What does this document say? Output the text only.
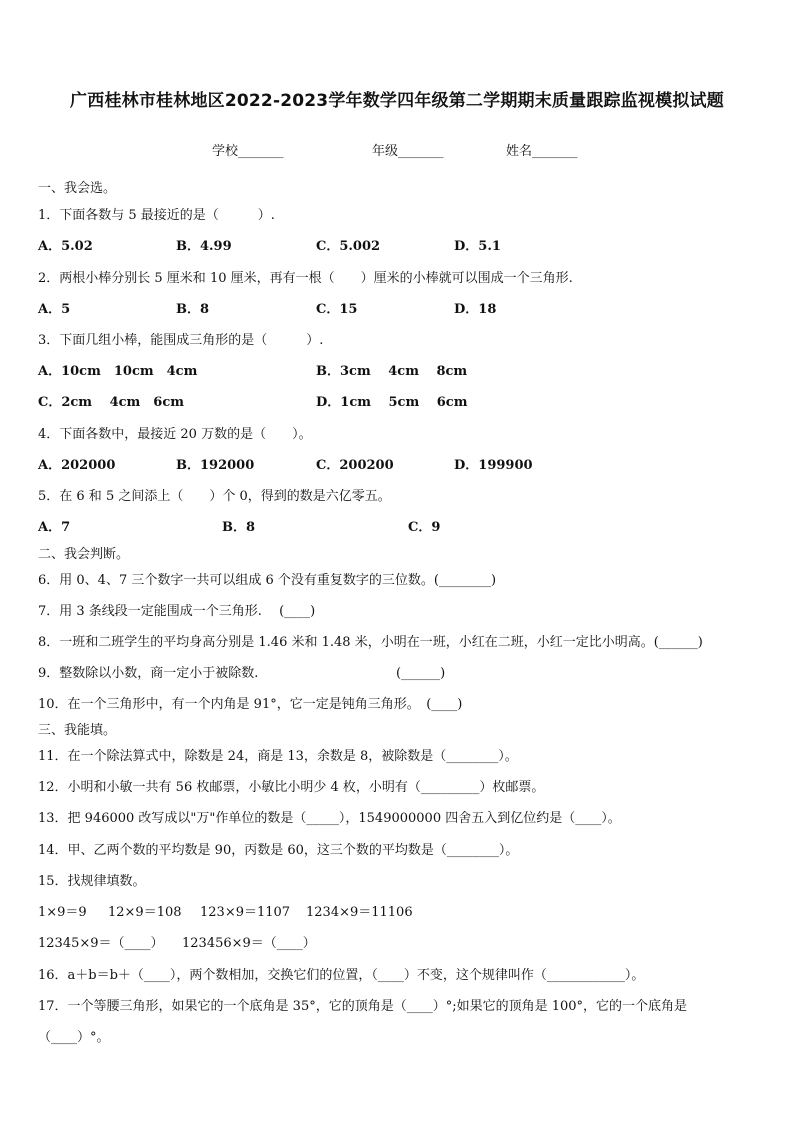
广西桂林市桂林地区2022-2023学年数学四年级第二学期期末质量跟踪监视模拟试题
学校_______	年级_______	姓名_______
一、我会选。
1．下面各数与 5 最接近的是（　　　）.
A．5.02	B．4.99	C．5.002	D．5.1
2．两根小棒分别长 5 厘米和 10 厘米，再有一根（　　）厘米的小棒就可以围成一个三角形.
A．5	B．8	C．15	D．18
3．下面几组小棒，能围成三角形的是（　　　）.
A．10cm　10cm　4cm	B．3cm　 4cm　 8cm
C．2cm　 4cm　6cm	D．1cm　 5cm　 6cm
4．下面各数中，最接近 20 万数的是（　　）。
A．202000	B．192000	C．200200	D．199900
5．在 6 和 5 之间添上（　　）个 0，得到的数是六亿零五。
A．7	B．8	C．9
二、我会判断。
6．用 0、4、7 三个数字一共可以组成 6 个没有重复数字的三位数。(________)
7．用 3 条线段一定能围成一个三角形.　 (____)
8．一班和二班学生的平均身高分别是 1.46 米和 1.48 米，小明在一班，小红在二班，小红一定比小明高。(______)
9．整数除以小数，商一定小于被除数.	(______)
10．在一个三角形中，有一个内角是 91°，它一定是钝角三角形。　(____)
三、我能填。
11．在一个除法算式中，除数是 24，商是 13，余数是 8，被除数是（________）。
12．小明和小敏一共有 56 枚邮票，小敏比小明少 4 枚，小明有（_________）枚邮票。
13．把 946000 改写成以"万"作单位的数是（_____），1549000000 四舍五入到亿位约是（____）。
14．甲、乙两个数的平均数是 90，丙数是 60，这三个数的平均数是（________）。
15．找规律填数。
1×9＝9 12×9＝108 123×9＝1107 1234×9＝11106
12345×9＝（____） 123456×9＝（____）
16．a＋b＝b＋（____），两个数相加，交换它们的位置，（____）不变，这个规律叫作（____________）。
17．一个等腰三角形，如果它的一个底角是 35°，它的顶角是（____）°;如果它的顶角是 100°，它的一个底角是
（____）°。
